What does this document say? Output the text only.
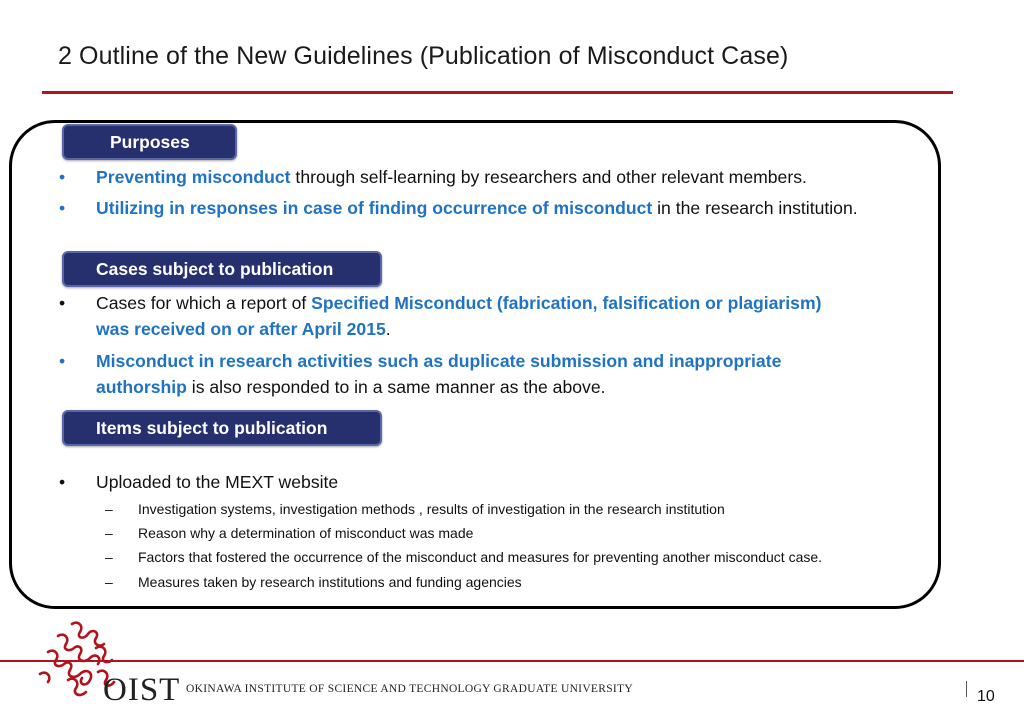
2 Outline of the New Guidelines (Publication of Misconduct Case)
Purposes
•	Preventing misconduct through self-learning by researchers and other relevant members.
•	Utilizing in responses in case of finding occurrence of misconduct in the research institution.
Cases subject to publication
•	Cases for which a report of Specified Misconduct (fabrication, falsification or plagiarism)
was received on or after April 2015.
•	Misconduct in research activities such as duplicate submission and inappropriate
authorship is also responded to in a same manner as the above.
Items subject to publication
•	Uploaded to the MEXT website
– Investigation systems, investigation methods , results of investigation in the research institution
– Reason why a determination of misconduct was made
– Factors that fostered the occurrence of the misconduct and measures for preventing another misconduct case.
– Measures taken by research institutions and funding agencies
OIST OKINAWA INSTITUTE OF SCIENCE AND TECHNOLOGY GRADUATE UNIVERSITY	10
